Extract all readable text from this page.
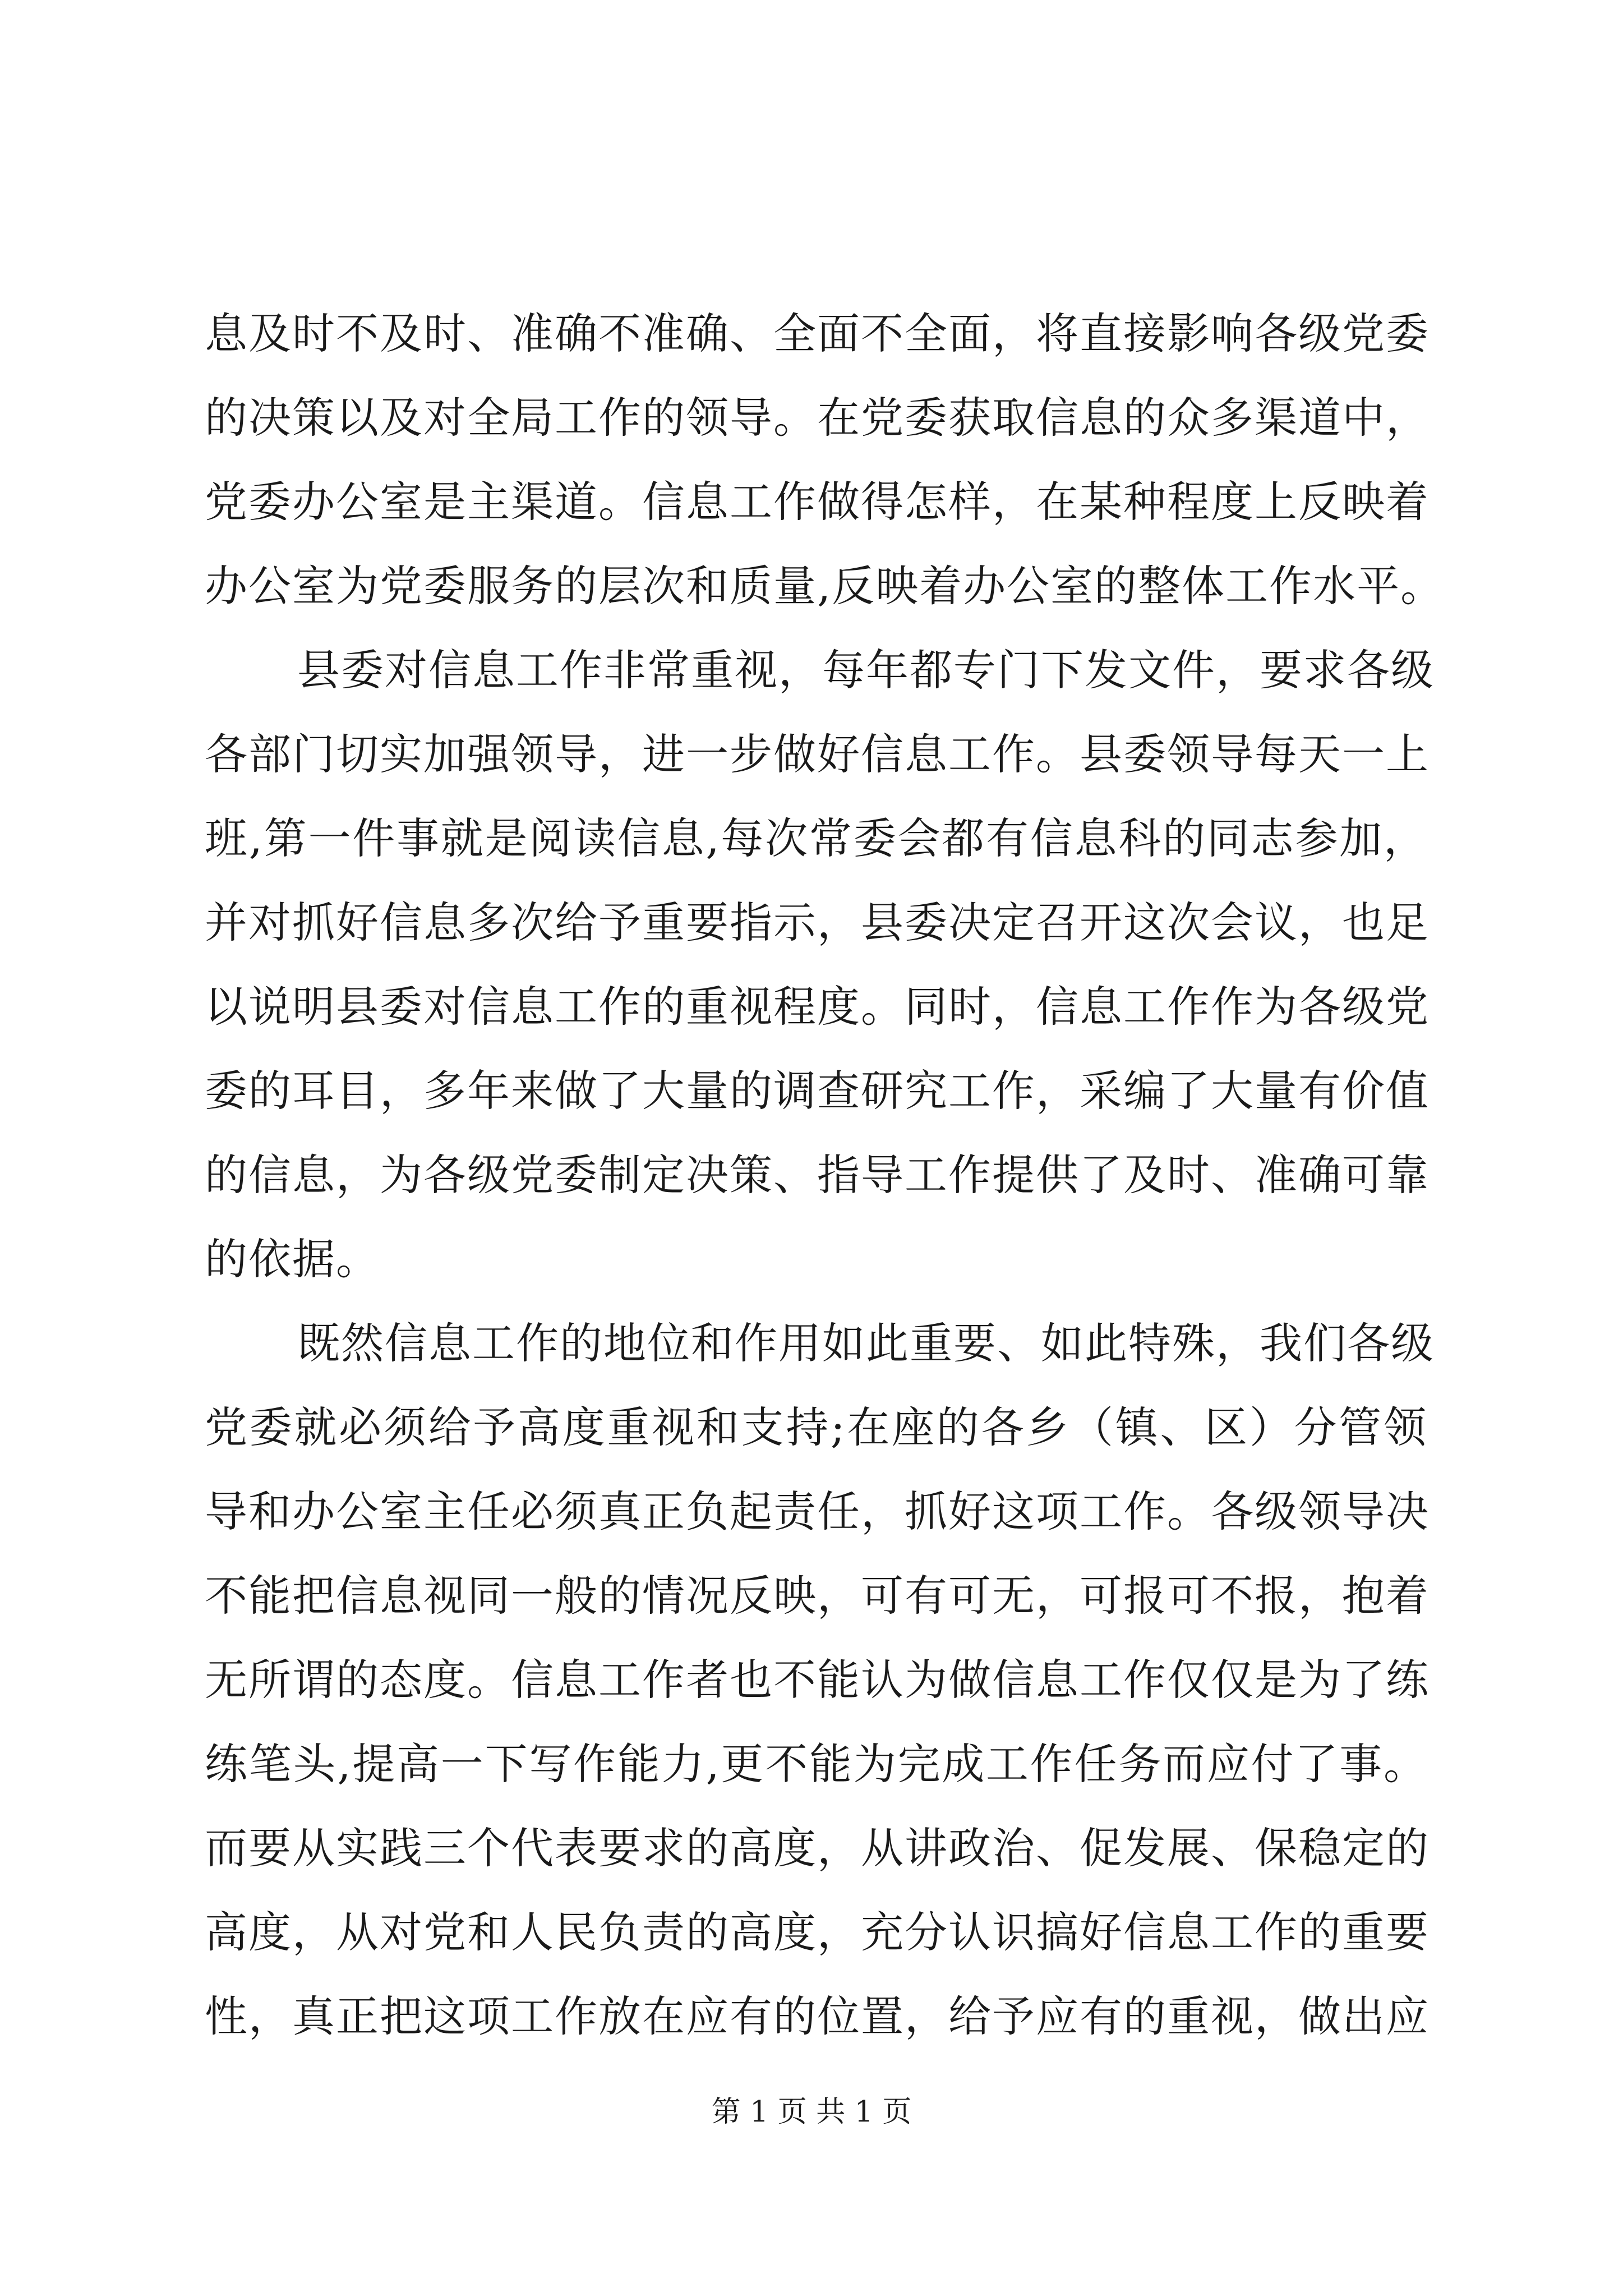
息及时不及时、准确不准确、全面不全面，将直接影响各级党委
的决策以及对全局工作的领导。在党委获取信息的众多渠道中，
党委办公室是主渠道。信息工作做得怎样，在某种程度上反映着
办公室为党委服务的层次和质量,反映着办公室的整体工作水平。
县委对信息工作非常重视，每年都专门下发文件，要求各级
各部门切实加强领导，进一步做好信息工作。县委领导每天一上
班,第一件事就是阅读信息,每次常委会都有信息科的同志参加，
并对抓好信息多次给予重要指示，县委决定召开这次会议，也足
以说明县委对信息工作的重视程度。同时，信息工作作为各级党
委的耳目，多年来做了大量的调查研究工作，采编了大量有价值
的信息，为各级党委制定决策、指导工作提供了及时、准确可靠
的依据。
既然信息工作的地位和作用如此重要、如此特殊，我们各级
党委就必须给予高度重视和支持;在座的各乡（镇、区）分管领
导和办公室主任必须真正负起责任，抓好这项工作。各级领导决
不能把信息视同一般的情况反映，可有可无，可报可不报，抱着
无所谓的态度。信息工作者也不能认为做信息工作仅仅是为了练
练笔头,提高一下写作能力,更不能为完成工作任务而应付了事。
而要从实践三个代表要求的高度，从讲政治、促发展、保稳定的
高度，从对党和人民负责的高度，充分认识搞好信息工作的重要
性，真正把这项工作放在应有的位置，给予应有的重视，做出应
第 1 页 共 1 页
